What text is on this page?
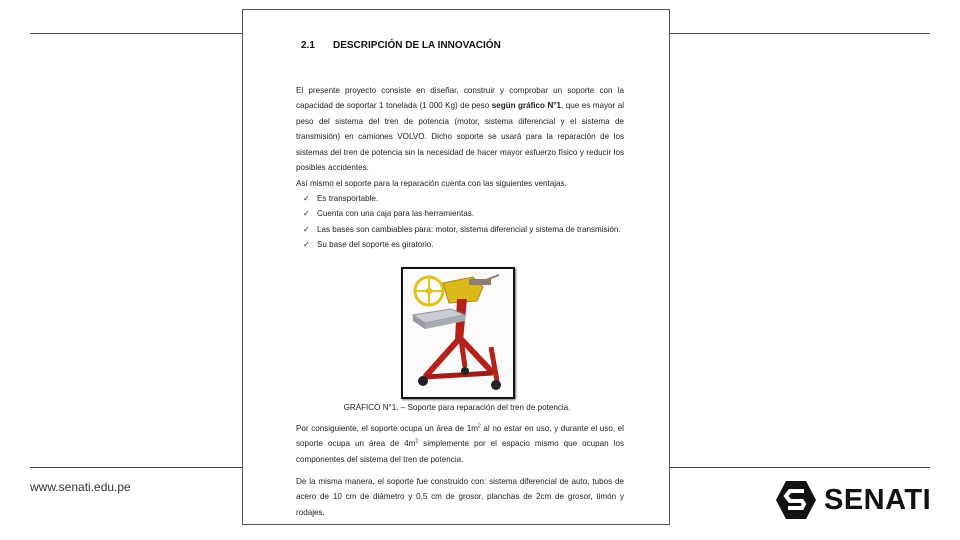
www.senati.edu.pe	SENATI
2.1 DESCRIPCIÓN DE LA INNOVACIÓN
El presente proyecto consiste en diseñar, construir y comprobar un soporte con la capacidad de soportar 1 tonelada (1 000 Kg) de peso según gráfico N°1, que es mayor al peso del sistema del tren de potencia (motor, sistema diferencial y el sistema de transmisión) en camiones VOLVO. Dicho soporte se usará para la reparación de los sistemas del tren de potencia sin la necesidad de hacer mayor esfuerzo físico y reducir los posibles accidentes.
Así mismo el soporte para la reparación cuenta con las siguientes ventajas.
✓ Es transportable.
✓ Cuenta con una caja para las herramientas.
✓ Las bases son cambiables para: motor, sistema diferencial y sistema de transmisión.
✓ Su base del soporte es giratorio.
GRÁFICO N°1. – Soporte para reparación del tren de potencia.
Por consiguiente, el soporte ocupa un área de $1m^2$ al no estar en uso, y durante el uso, el soporte ocupa un área de $4m^2$ simplemente por el espacio mismo que ocupan los componentes del sistema del tren de potencia.
De la misma manera, el soporte fue construido con: sistema diferencial de auto, tubos de acero de 10 cm de diámetro y 0,5 cm de grosor, planchas de 2cm de grosor, timón y rodajes.
